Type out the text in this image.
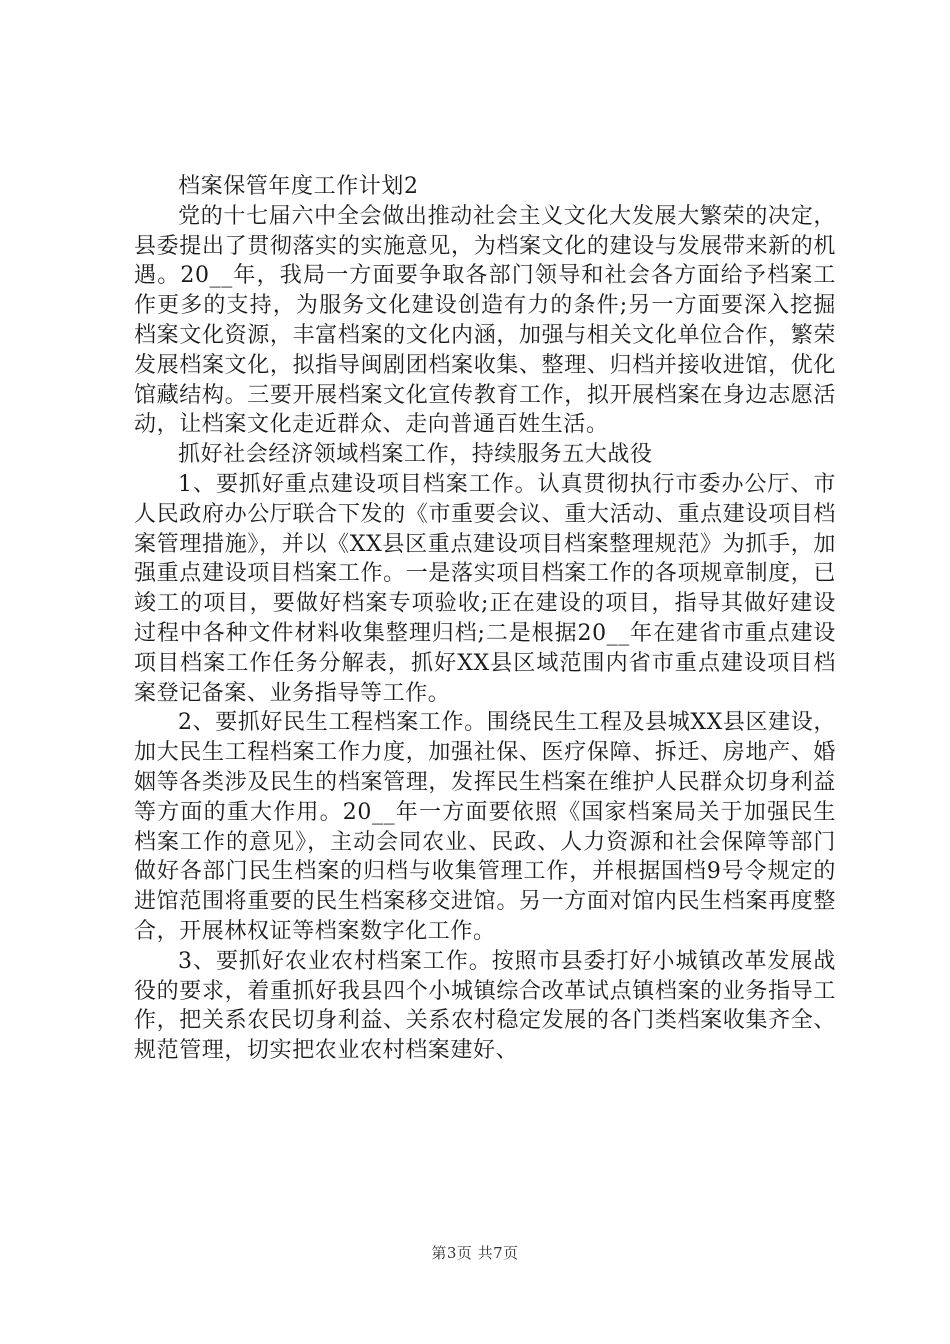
档案保管年度工作计划2

党的十七届六中全会做出推动社会主义文化大发展大繁荣的决定，县委提出了贯彻落实的实施意见，为档案文化的建设与发展带来新的机遇。20__年，我局一方面要争取各部门领导和社会各方面给予档案工作更多的支持，为服务文化建设创造有力的条件;另一方面要深入挖掘档案文化资源，丰富档案的文化内涵，加强与相关文化单位合作，繁荣发展档案文化，拟指导闽剧团档案收集、整理、归档并接收进馆，优化馆藏结构。三要开展档案文化宣传教育工作，拟开展档案在身边志愿活动，让档案文化走近群众、走向普通百姓生活。

抓好社会经济领域档案工作，持续服务五大战役

1、要抓好重点建设项目档案工作。认真贯彻执行市委办公厅、市人民政府办公厅联合下发的《市重要会议、重大活动、重点建设项目档案管理措施》，并以《XX县区重点建设项目档案整理规范》为抓手，加强重点建设项目档案工作。一是落实项目档案工作的各项规章制度，已竣工的项目，要做好档案专项验收;正在建设的项目，指导其做好建设过程中各种文件材料收集整理归档;二是根据20__年在建省市重点建设项目档案工作任务分解表，抓好XX县区域范围内省市重点建设项目档案登记备案、业务指导等工作。

2、要抓好民生工程档案工作。围绕民生工程及县城XX县区建设，加大民生工程档案工作力度，加强社保、医疗保障、拆迁、房地产、婚姻等各类涉及民生的档案管理，发挥民生档案在维护人民群众切身利益等方面的重大作用。20__年一方面要依照《国家档案局关于加强民生档案工作的意见》，主动会同农业、民政、人力资源和社会保障等部门做好各部门民生档案的归档与收集管理工作，并根据国档9号令规定的进馆范围将重要的民生档案移交进馆。另一方面对馆内民生档案再度整合，开展林权证等档案数字化工作。

3、要抓好农业农村档案工作。按照市县委打好小城镇改革发展战役的要求，着重抓好我县四个小城镇综合改革试点镇档案的业务指导工作，把关系农民切身利益、关系农村稳定发展的各门类档案收集齐全、规范管理，切实把农业农村档案建好、

第3页 共7页
